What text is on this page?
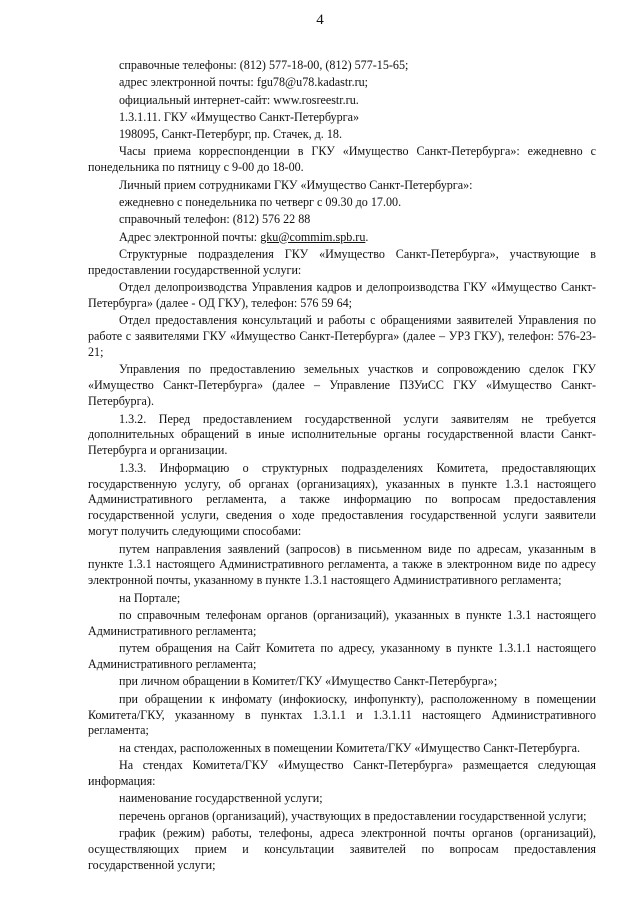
4

справочные телефоны: (812) 577-18-00, (812) 577-15-65;

адрес электронной почты: fgu78@u78.kadastr.ru;

официальный интернет-сайт: www.rosreestr.ru.

1.3.1.11. ГКУ «Имущество Санкт-Петербурга»

198095, Санкт-Петербург, пр. Стачек, д. 18.

Часы приема корреспонденции в ГКУ «Имущество Санкт-Петербурга»: ежедневно с понедельника по пятницу с 9-00 до 18-00.

Личный прием сотрудниками ГКУ «Имущество Санкт-Петербурга»:

ежедневно с понедельника по четверг с 09.30 до 17.00.

справочный телефон: (812) 576 22 88

Адрес электронной почты: gku@commim.spb.ru.

Структурные подразделения ГКУ «Имущество Санкт-Петербурга», участвующие в предоставлении государственной услуги:

Отдел делопроизводства Управления кадров и делопроизводства ГКУ «Имущество Санкт-Петербурга» (далее - ОД ГКУ), телефон: 576 59 64;

Отдел предоставления консультаций и работы с обращениями заявителей Управления по работе с заявителями ГКУ «Имущество Санкт-Петербурга» (далее – УРЗ ГКУ), телефон: 576-23-21;

Управления по предоставлению земельных участков и сопровождению сделок ГКУ «Имущество Санкт-Петербурга» (далее – Управление ПЗУиСС ГКУ «Имущество Санкт-Петербурга).

1.3.2. Перед предоставлением государственной услуги заявителям не требуется дополнительных обращений в иные исполнительные органы государственной власти Санкт-Петербурга и организации.

1.3.3. Информацию о структурных подразделениях Комитета, предоставляющих государственную услугу, об органах (организациях), указанных в пункте 1.3.1 настоящего Административного регламента, а также информацию по вопросам предоставления государственной услуги, сведения о ходе предоставления государственной услуги заявители могут получить следующими способами:

путем направления заявлений (запросов) в письменном виде по адресам, указанным в пункте 1.3.1 настоящего Административного регламента, а также в электронном виде по адресу электронной почты, указанному в пункте 1.3.1 настоящего Административного регламента;

на Портале;

по справочным телефонам органов (организаций), указанных в пункте 1.3.1 настоящего Административного регламента;

путем обращения на Сайт Комитета по адресу, указанному в пункте 1.3.1.1 настоящего Административного регламента;

при личном обращении в Комитет/ГКУ «Имущество Санкт-Петербурга»;

при обращении к инфомату (инфокиоску, инфопункту), расположенному в помещении Комитета/ГКУ, указанному в пунктах 1.3.1.1 и 1.3.1.11 настоящего Административного регламента;

на стендах, расположенных в помещении Комитета/ГКУ «Имущество Санкт-Петербурга.

На стендах Комитета/ГКУ «Имущество Санкт-Петербурга» размещается следующая информация:

наименование государственной услуги;

перечень органов (организаций), участвующих в предоставлении государственной услуги;

график (режим) работы, телефоны, адреса электронной почты органов (организаций), осуществляющих прием и консультации заявителей по вопросам предоставления государственной услуги;
